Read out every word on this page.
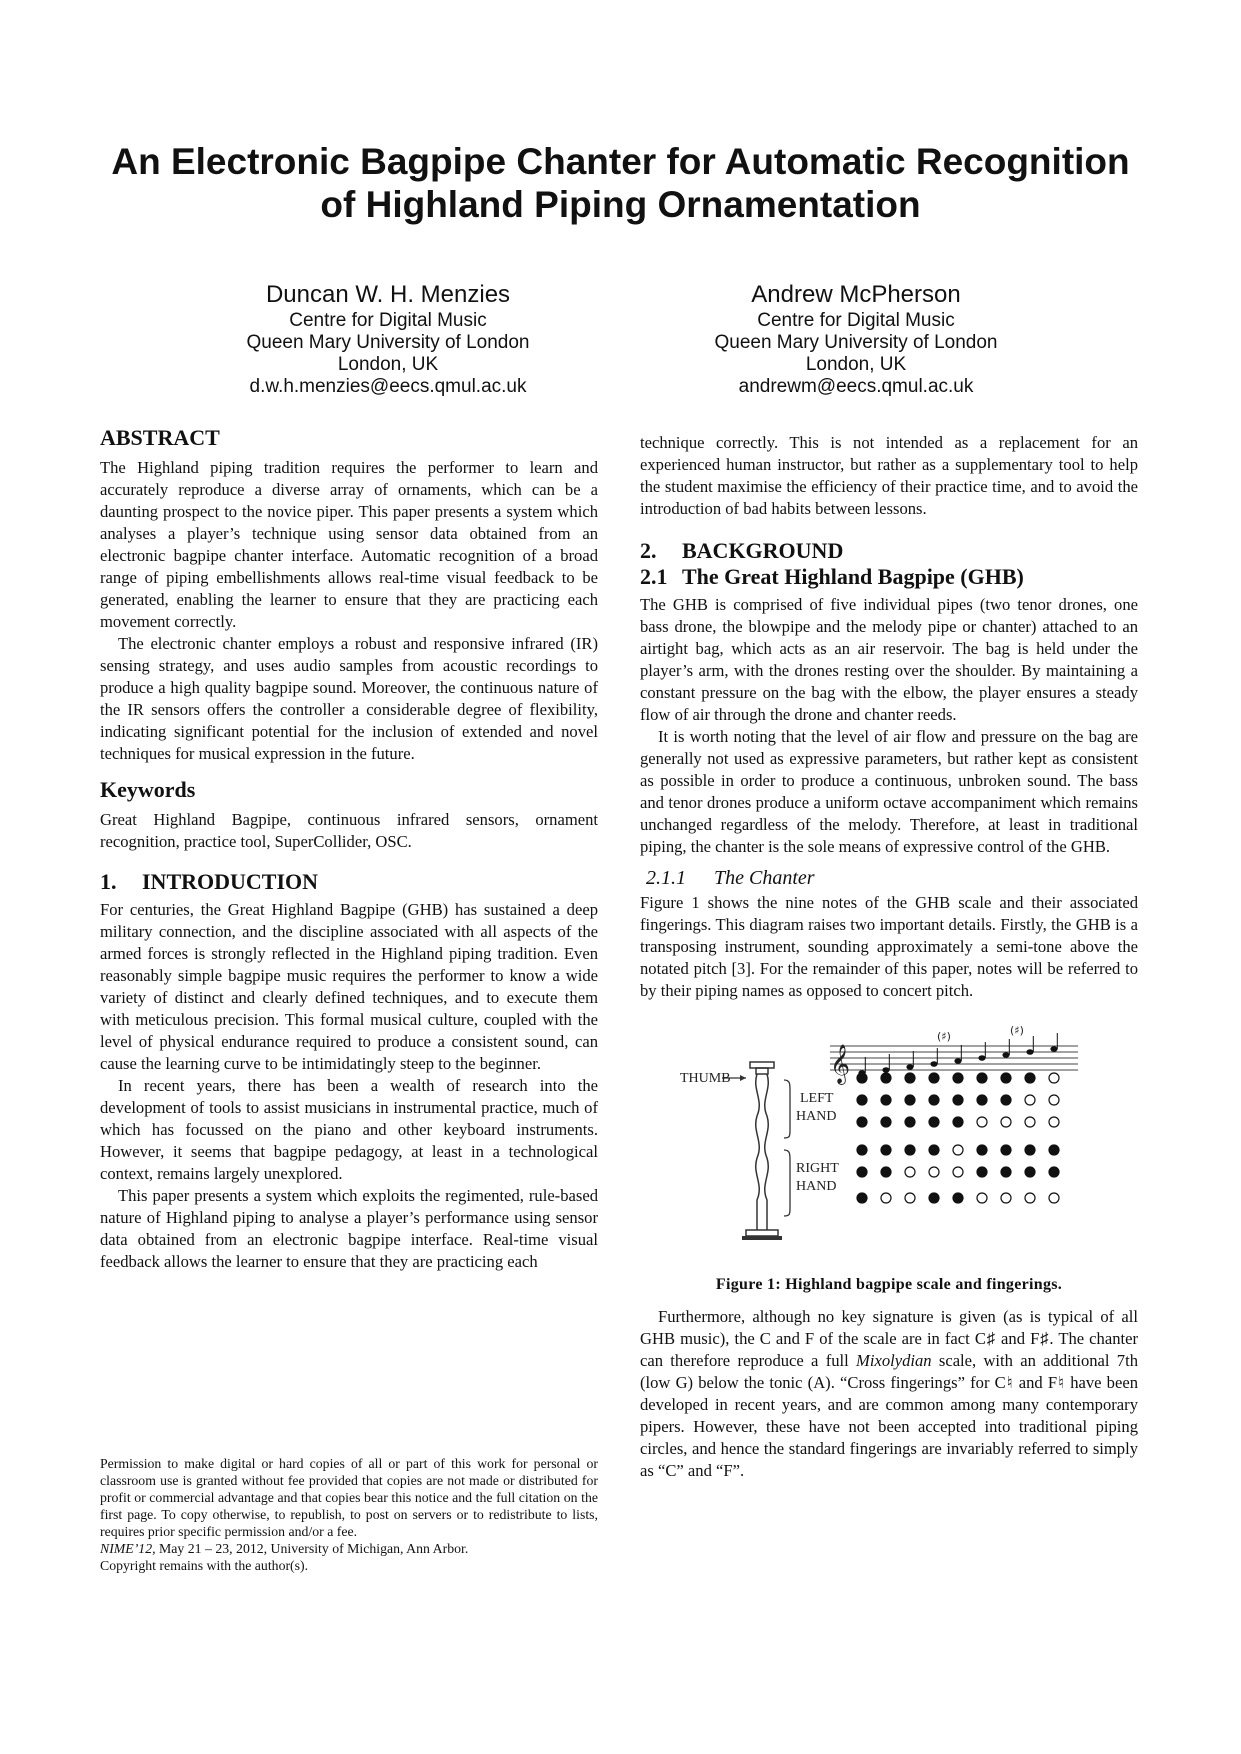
An Electronic Bagpipe Chanter for Automatic Recognition
of Highland Piping Ornamentation
Duncan W. H. Menzies
Centre for Digital Music
Queen Mary University of London
London, UK
d.w.h.menzies@eecs.qmul.ac.uk
Andrew McPherson
Centre for Digital Music
Queen Mary University of London
London, UK
andrewm@eecs.qmul.ac.uk
ABSTRACT

The Highland piping tradition requires the performer to learn and accurately reproduce a diverse array of ornaments, which can be a daunting prospect to the novice piper. This paper presents a system which analyses a player’s technique using sensor data obtained from an electronic bagpipe chanter interface. Automatic recognition of a broad range of piping embellishments allows real-time visual feedback to be generated, enabling the learner to ensure that they are practicing each movement correctly.

The electronic chanter employs a robust and responsive infrared (IR) sensing strategy, and uses audio samples from acoustic recordings to produce a high quality bagpipe sound. Moreover, the continuous nature of the IR sensors offers the controller a considerable degree of flexibility, indicating significant potential for the inclusion of extended and novel techniques for musical expression in the future.

Keywords

Great Highland Bagpipe, continuous infrared sensors, ornament recognition, practice tool, SuperCollider, OSC.

1. INTRODUCTION

For centuries, the Great Highland Bagpipe (GHB) has sustained a deep military connection, and the discipline associated with all aspects of the armed forces is strongly reflected in the Highland piping tradition. Even reasonably simple bagpipe music requires the performer to know a wide variety of distinct and clearly defined techniques, and to execute them with meticulous precision. This formal musical culture, coupled with the level of physical endurance required to produce a consistent sound, can cause the learning curve to be intimidatingly steep to the beginner.

In recent years, there has been a wealth of research into the development of tools to assist musicians in instrumental practice, much of which has focussed on the piano and other keyboard instruments. However, it seems that bagpipe pedagogy, at least in a technological context, remains largely unexplored.

This paper presents a system which exploits the regimented, rule-based nature of Highland piping to analyse a player’s performance using sensor data obtained from an electronic bagpipe interface. Real-time visual feedback allows the learner to ensure that they are practicing each

Permission to make digital or hard copies of all or part of this work for personal or classroom use is granted without fee provided that copies are not made or distributed for profit or commercial advantage and that copies bear this notice and the full citation on the first page. To copy otherwise, to republish, to post on servers or to redistribute to lists, requires prior specific permission and/or a fee.

NIME’12, May 21 – 23, 2012, University of Michigan, Ann Arbor.

Copyright remains with the author(s).

technique correctly. This is not intended as a replacement for an experienced human instructor, but rather as a supplementary tool to help the student maximise the efficiency of their practice time, and to avoid the introduction of bad habits between lessons.

2. BACKGROUND
2.1 The Great Highland Bagpipe (GHB)

The GHB is comprised of five individual pipes (two tenor drones, one bass drone, the blowpipe and the melody pipe or chanter) attached to an airtight bag, which acts as an air reservoir. The bag is held under the player’s arm, with the drones resting over the shoulder. By maintaining a constant pressure on the bag with the elbow, the player ensures a steady flow of air through the drone and chanter reeds.

It is worth noting that the level of air flow and pressure on the bag are generally not used as expressive parameters, but rather kept as consistent as possible in order to produce a continuous, unbroken sound. The bass and tenor drones produce a uniform octave accompaniment which remains unchanged regardless of the melody. Therefore, at least in traditional piping, the chanter is the sole means of expressive control of the GHB.

2.1.1 The Chanter

Figure 1 shows the nine notes of the GHB scale and their associated fingerings. This diagram raises two important details. Firstly, the GHB is a transposing instrument, sounding approximately a semi-tone above the notated pitch [3]. For the remainder of this paper, notes will be referred to by their piping names as opposed to concert pitch.

𝄞
(♯)	(♯)
THUMB
LEFT
HAND
RIGHT
HAND
Figure 1: Highland bagpipe scale and fingerings.

Furthermore, although no key signature is given (as is typical of all GHB music), the C and F of the scale are in fact C♯ and F♯. The chanter can therefore reproduce a full Mixolydian scale, with an additional 7th (low G) below the tonic (A). “Cross fingerings” for C♮ and F♮ have been developed in recent years, and are common among many contemporary pipers. However, these have not been accepted into traditional piping circles, and hence the standard fingerings are invariably referred to simply as “C” and “F”.
